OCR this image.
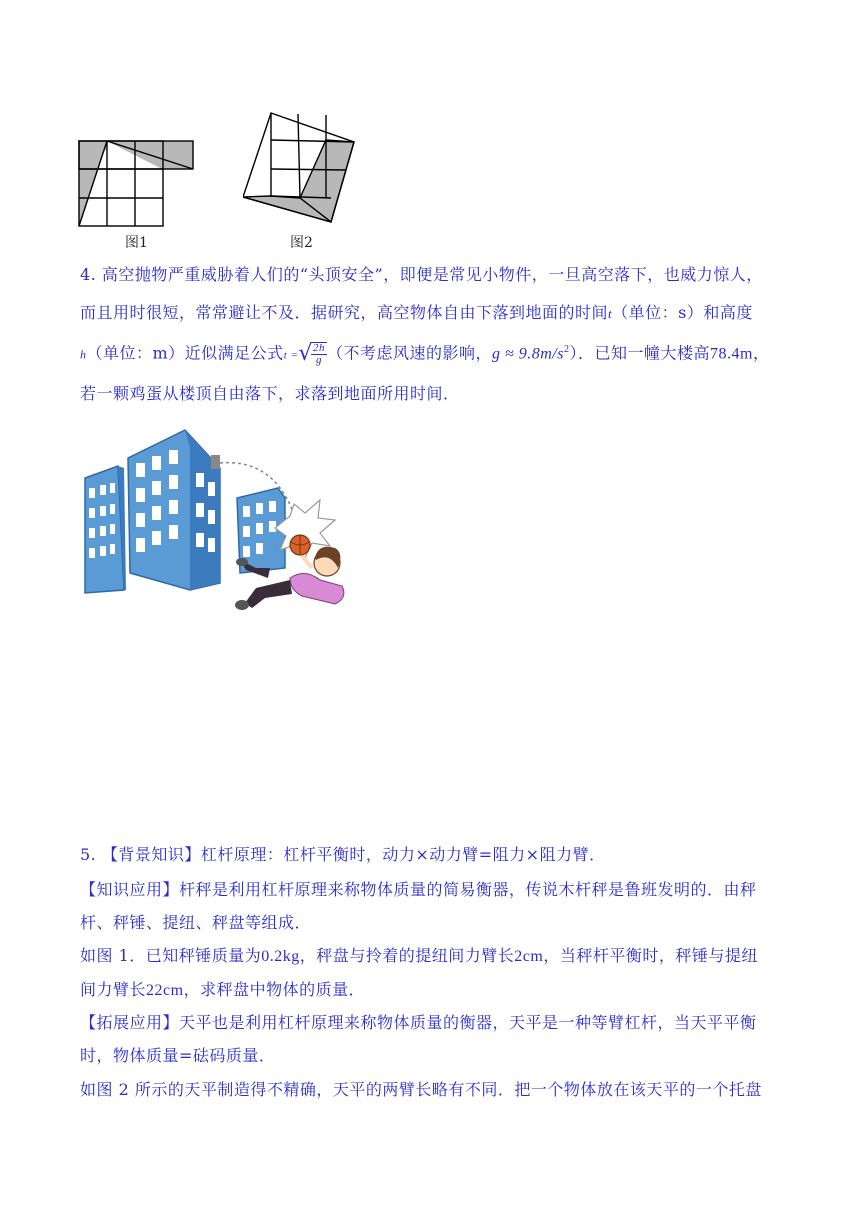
图1	图2
4. 高空抛物严重威胁着人们的“头顶安全”，即便是常见小物件，一旦高空落下，也威力惊人，
而且用时很短，常常避让不及．据研究，高空物体自由下落到地面的时间t（单位：s）和高度
h（单位：m）近似满足公式t =√
$\frac{2h}{g}$ （不考虑风速的影响，$g \approx 9.8m/s^2$）．已知一幢大楼高78.4m，
若一颗鸡蛋从楼顶自由落下，求落到地面所用时间．
5. 【背景知识】杠杆原理：杠杆平衡时，动力×动力臂=阻力×阻力臂．
【知识应用】杆秤是利用杠杆原理来称物体质量的简易衡器，传说木杆秤是鲁班发明的．由秤
杆、秤锤、提纽、秤盘等组成．
如图 1．已知秤锤质量为0.2kg，秤盘与拎着的提纽间力臂长2cm，当秤杆平衡时，秤锤与提纽
间力臂长22cm，求秤盘中物体的质量．
【拓展应用】天平也是利用杠杆原理来称物体质量的衡器，天平是一种等臂杠杆，当天平平衡
时，物体质量=砝码质量．
如图 2 所示的天平制造得不精确，天平的两臂长略有不同．把一个物体放在该天平的一个托盘
